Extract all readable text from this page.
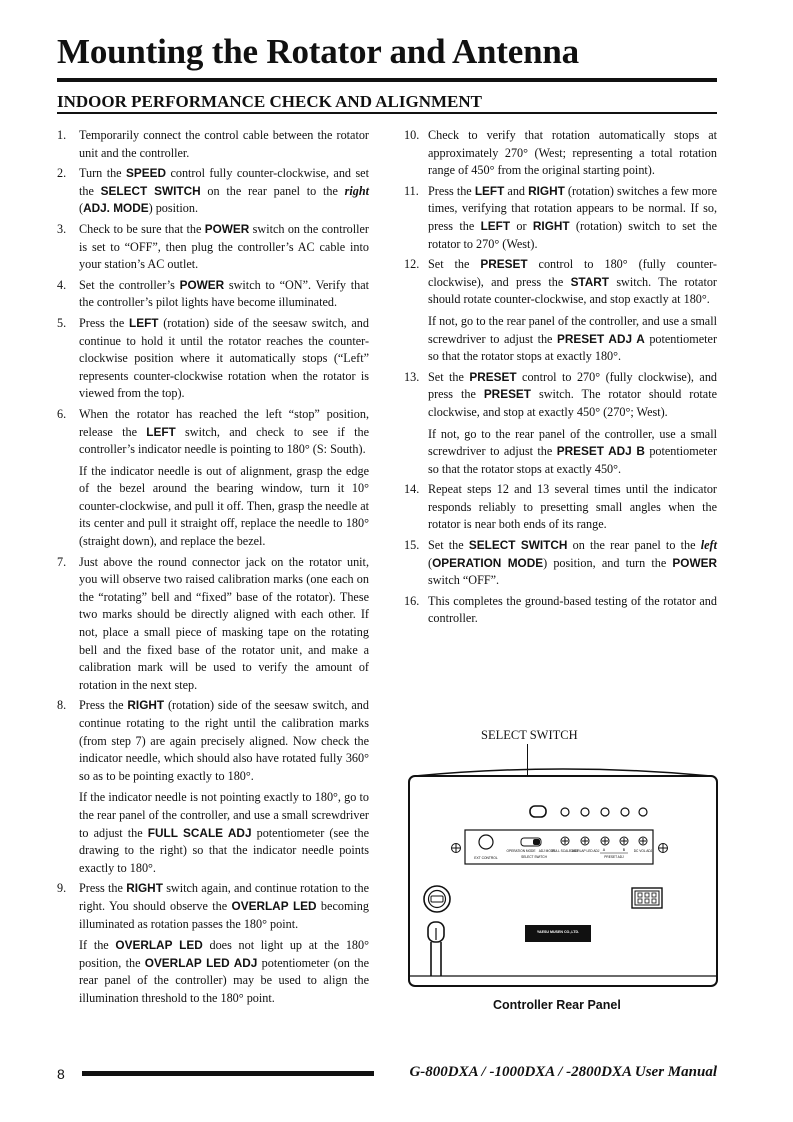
Mounting the Rotator and Antenna
INDOOR PERFORMANCE CHECK AND ALIGNMENT
1.	Temporarily connect the control cable between the rotator unit and the controller.

2.	Turn the SPEED control fully counter-clockwise, and set the SELECT SWITCH on the rear panel to the right (ADJ. MODE) position.

3.	Check to be sure that the POWER switch on the controller is set to “OFF”, then plug the controller’s AC cable into your station’s AC outlet.

4.	Set the controller’s POWER switch to “ON”. Verify that the controller’s pilot lights have become illuminated.

5.	Press the LEFT (rotation) side of the seesaw switch, and continue to hold it until the rotator reaches the counter-clockwise position where it automatically stops (“Left” represents counter-clockwise rotation when the rotator is viewed from the top).

6.	When the rotator has reached the left “stop” position, release the LEFT switch, and check to see if the controller’s indicator needle is pointing to 180° (S: South).

If the indicator needle is out of alignment, grasp the edge of the bezel around the bearing window, turn it 10° counter-clockwise, and pull it off. Then, grasp the needle at its center and pull it straight off, replace the needle to 180° (straight down), and replace the bezel.

7.	Just above the round connector jack on the rotator unit, you will observe two raised calibration marks (one each on the “rotating” bell and “fixed” base of the rotator). These two marks should be directly aligned with each other. If not, place a small piece of masking tape on the rotating bell and the fixed base of the rotator unit, and make a calibration mark will be used to verify the amount of rotation in the next step.

8.	Press the RIGHT (rotation) side of the seesaw switch, and continue rotating to the right until the calibration marks (from step 7) are again precisely aligned. Now check the indicator needle, which should also have rotated fully 360° so as to be pointing exactly to 180°.

If the indicator needle is not pointing exactly to 180°, go to the rear panel of the controller, and use a small screwdriver to adjust the FULL SCALE ADJ potentiometer (see the drawing to the right) so that the indicator needle points exactly to 180°.

9.	Press the RIGHT switch again, and continue rotation to the right. You should observe the OVERLAP LED becoming illuminated as rotation passes the 180° point.

If the OVERLAP LED does not light up at the 180° position, the OVERLAP LED ADJ potentiometer (on the rear panel of the controller) may be used to align the illumination threshold to the 180° point.

10. Check to verify that rotation automatically stops at approximately 270° (West; representing a total rotation range of 450° from the original starting point).

11. Press the LEFT and RIGHT (rotation) switches a few more times, verifying that rotation appears to be normal. If so, press the LEFT or RIGHT (rotation) switch to set the rotator to 270° (West).

12. Set the PRESET control to 180° (fully counter-clockwise), and press the START switch. The rotator should rotate counter-clockwise, and stop exactly at 180°.

If not, go to the rear panel of the controller, and use a small screwdriver to adjust the PRESET ADJ A potentiometer so that the rotator stops at exactly 180°.

13. Set the PRESET control to 270° (fully clockwise), and press the PRESET switch. The rotator should rotate clockwise, and stop at exactly 450° (270°; West).

If not, go to the rear panel of the controller, use a small screwdriver to adjust the PRESET ADJ B potentiometer so that the rotator stops at exactly 450°.

14. Repeat steps 12 and 13 several times until the indicator responds reliably to presetting small angles when the rotator is near both ends of its range.

15. Set the SELECT SWITCH on the rear panel to the left (OPERATION MODE) position, and turn the POWER switch “OFF”.

16. This completes the ground-based testing of the rotator and controller.

SELECT SWITCH
EXT CONTROL
OPERATION MODE ADJ MODE
SELECT SWITCH
FULL SCALE ADJ
OVERLAP LED ADJ A	B
PRESET ADJ
DC VOL ADJ
YAESU MUSEN CO.,LTD.
Controller Rear Panel
8	G-800DXA / -1000DXA / -2800DXA User Manual
